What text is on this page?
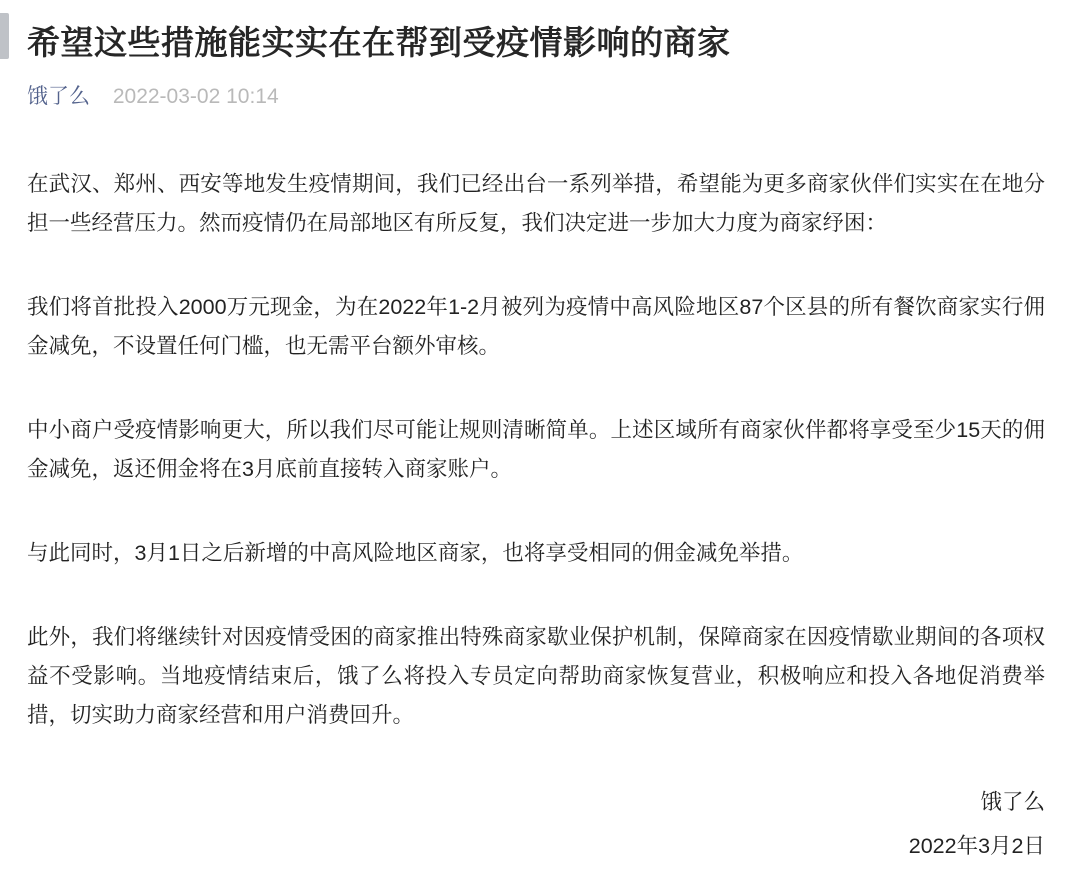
希望这些措施能实实在在帮到受疫情影响的商家
饿了么 2022-03-02 10:14

在武汉、郑州、西安等地发生疫情期间，我们已经出台一系列举措，希望能为更多商家伙伴们实实在在地分担一些经营压力。然而疫情仍在局部地区有所反复，我们决定进一步加大力度为商家纾困：

我们将首批投入2000万元现金，为在2022年1-2月被列为疫情中高风险地区87个区县的所有餐饮商家实行佣金减免，不设置任何门槛，也无需平台额外审核。

中小商户受疫情影响更大，所以我们尽可能让规则清晰简单。上述区域所有商家伙伴都将享受至少15天的佣金减免，返还佣金将在3月底前直接转入商家账户。

与此同时，3月1日之后新增的中高风险地区商家，也将享受相同的佣金减免举措。

此外，我们将继续针对因疫情受困的商家推出特殊商家歇业保护机制，保障商家在因疫情歇业期间的各项权益不受影响。当地疫情结束后，饿了么将投入专员定向帮助商家恢复营业，积极响应和投入各地促消费举措，切实助力商家经营和用户消费回升。

饿了么
2022年3月2日
